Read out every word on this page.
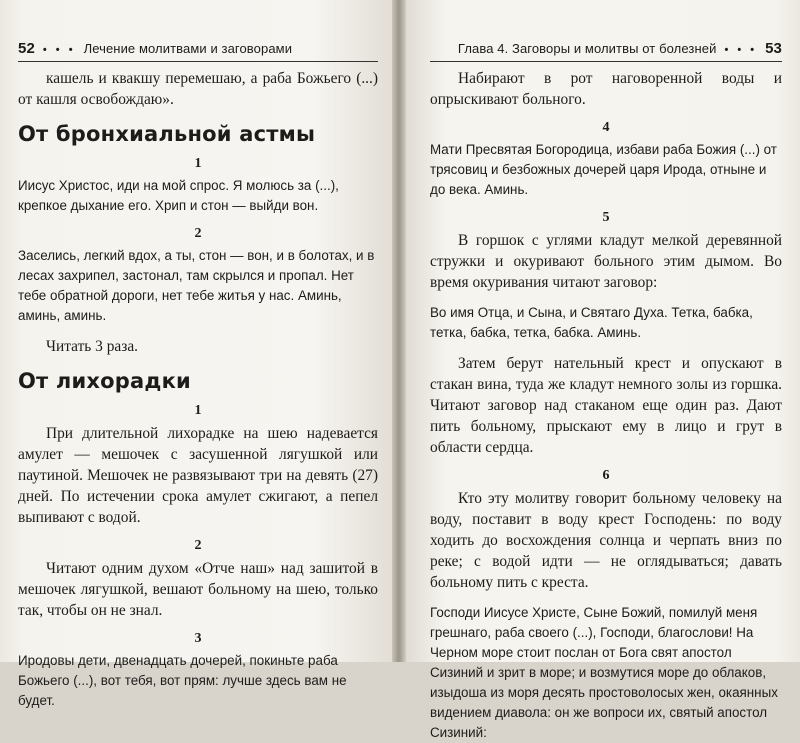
52 • • • Лечение молитвами и заговорами

кашель и квакшу перемешаю, а раба Божьего (...) от кашля освобождаю».

От бронхиальной астмы
1

Иисус Христос, иди на мой спрос. Я молюсь за (...), крепкое дыхание его. Хрип и стон — выйди вон.

2

Заселись, легкий вдох, а ты, стон — вон, и в болотах, и в лесах захрипел, застонал, там скрылся и пропал. Нет тебе обратной дороги, нет тебе житья у нас. Аминь, аминь, аминь.

Читать 3 раза.

От лихорадки
1

При длительной лихорадке на шею надевается амулет — мешочек с засушенной лягушкой или паутиной. Мешочек не развязывают три на девять (27) дней. По истечении срока амулет сжигают, а пепел выпивают с водой.

2

Читают одним духом «Отче наш» над зашитой в мешочек лягушкой, вешают больному на шею, только так, чтобы он не знал.

3

Иродовы дети, двенадцать дочерей, покиньте раба Божьего (...), вот тебя, вот прям: лучше здесь вам не будет.

Глава 4. Заговоры и молитвы от болезней • • • 53

Набирают в рот наговоренной воды и опрыскивают больного.

4

Мати Пресвятая Богородица, избави раба Божия (...) от трясовиц и безбожных дочерей царя Ирода, отныне и до века. Аминь.

5

В горшок с углями кладут мелкой деревянной стружки и окуривают больного этим дымом. Во время окуривания читают заговор:

Во имя Отца, и Сына, и Святаго Духа. Тетка, бабка, тетка, бабка, тетка, бабка. Аминь.

Затем берут нательный крест и опускают в стакан вина, туда же кладут немного золы из горшка. Читают заговор над стаканом еще один раз. Дают пить больному, прыскают ему в лицо и грут в области сердца.

6

Кто эту молитву говорит больному человеку на воду, поставит в воду крест Господень: по воду ходить до восхождения солнца и черпать вниз по реке; с водой идти — не оглядываться; давать больному пить с креста.

Господи Иисусе Христе, Сыне Божий, помилуй меня грешнаго, раба своего (...), Господи, благослови! На Черном море стоит послан от Бога свят апостол Сизиний и зрит в море; и возмутися море до облаков, изыдоша из моря десять простоволосых жен, окаянных видением диавола: он же вопроси их, святый апостол Сизиний:
